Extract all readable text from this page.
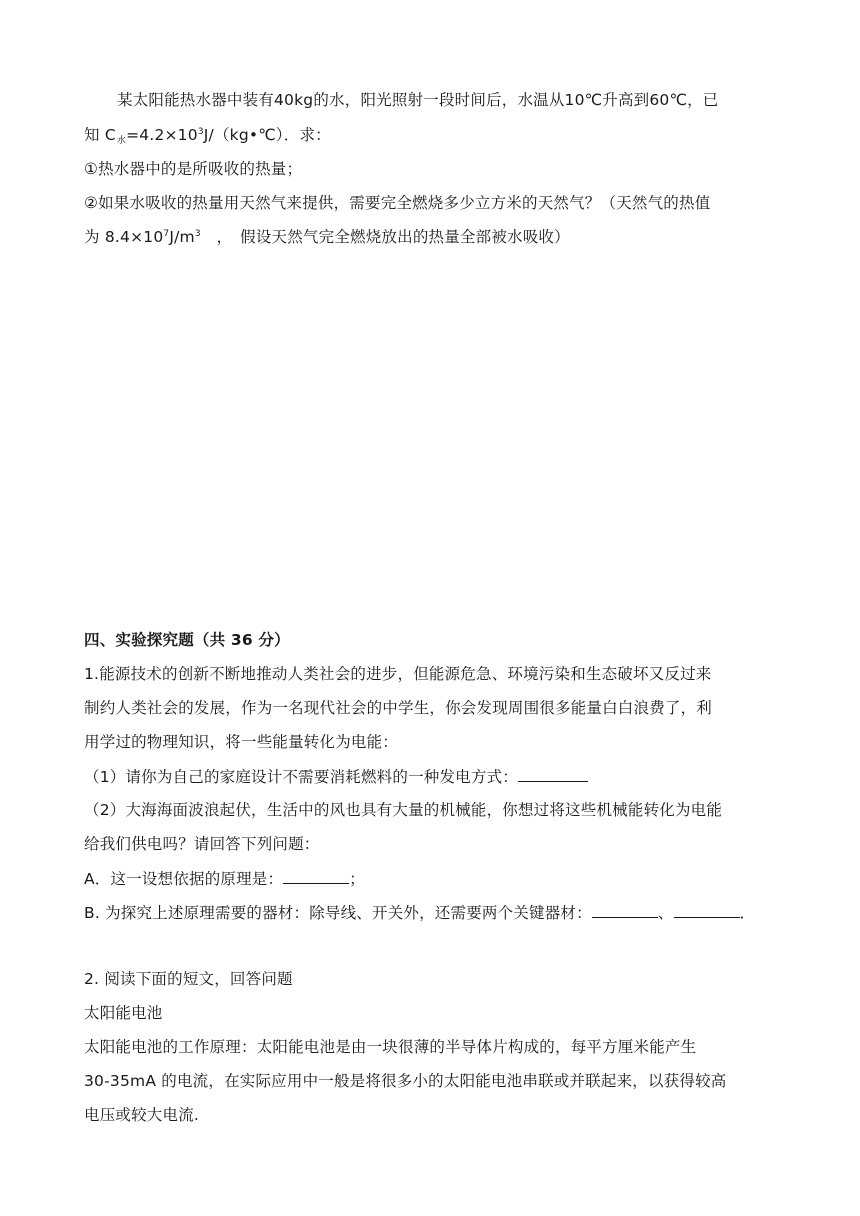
某太阳能热水器中装有40kg的水，阳光照射一段时间后，水温从10℃升高到60℃，已
知 C水$=4.2\times 10^3J/(kg•℃)$．求：
①热水器中的是所吸收的热量；
②如果水吸收的热量用天然气来提供，需要完全燃烧多少立方米的天然气？（天然气的热值
为 $8.4\times 10^7J/m^3$　，　假设天然气完全燃烧放出的热量全部被水吸收）
四、实验探究题（共 36 分）
1.能源技术的创新不断地推动人类社会的进步，但能源危急、环境污染和生态破坏又反过来
制约人类社会的发展，作为一名现代社会的中学生，你会发现周围很多能量白白浪费了，利
用学过的物理知识，将一些能量转化为电能：
（1）请你为自己的家庭设计不需要消耗燃料的一种发电方式：
（2）大海海面波浪起伏，生活中的风也具有大量的机械能，你想过将这些机械能转化为电能
给我们供电吗？请回答下列问题：
A．这一设想依据的原理是：	；
B. 为探究上述原理需要的器材：除导线、开关外，还需要两个关键器材：	、	．
2. 阅读下面的短文，回答问题
太阳能电池
太阳能电池的工作原理：太阳能电池是由一块很薄的半导体片构成的，每平方厘米能产生
30-35mA 的电流，在实际应用中一般是将很多小的太阳能电池串联或并联起来，以获得较高
电压或较大电流.
